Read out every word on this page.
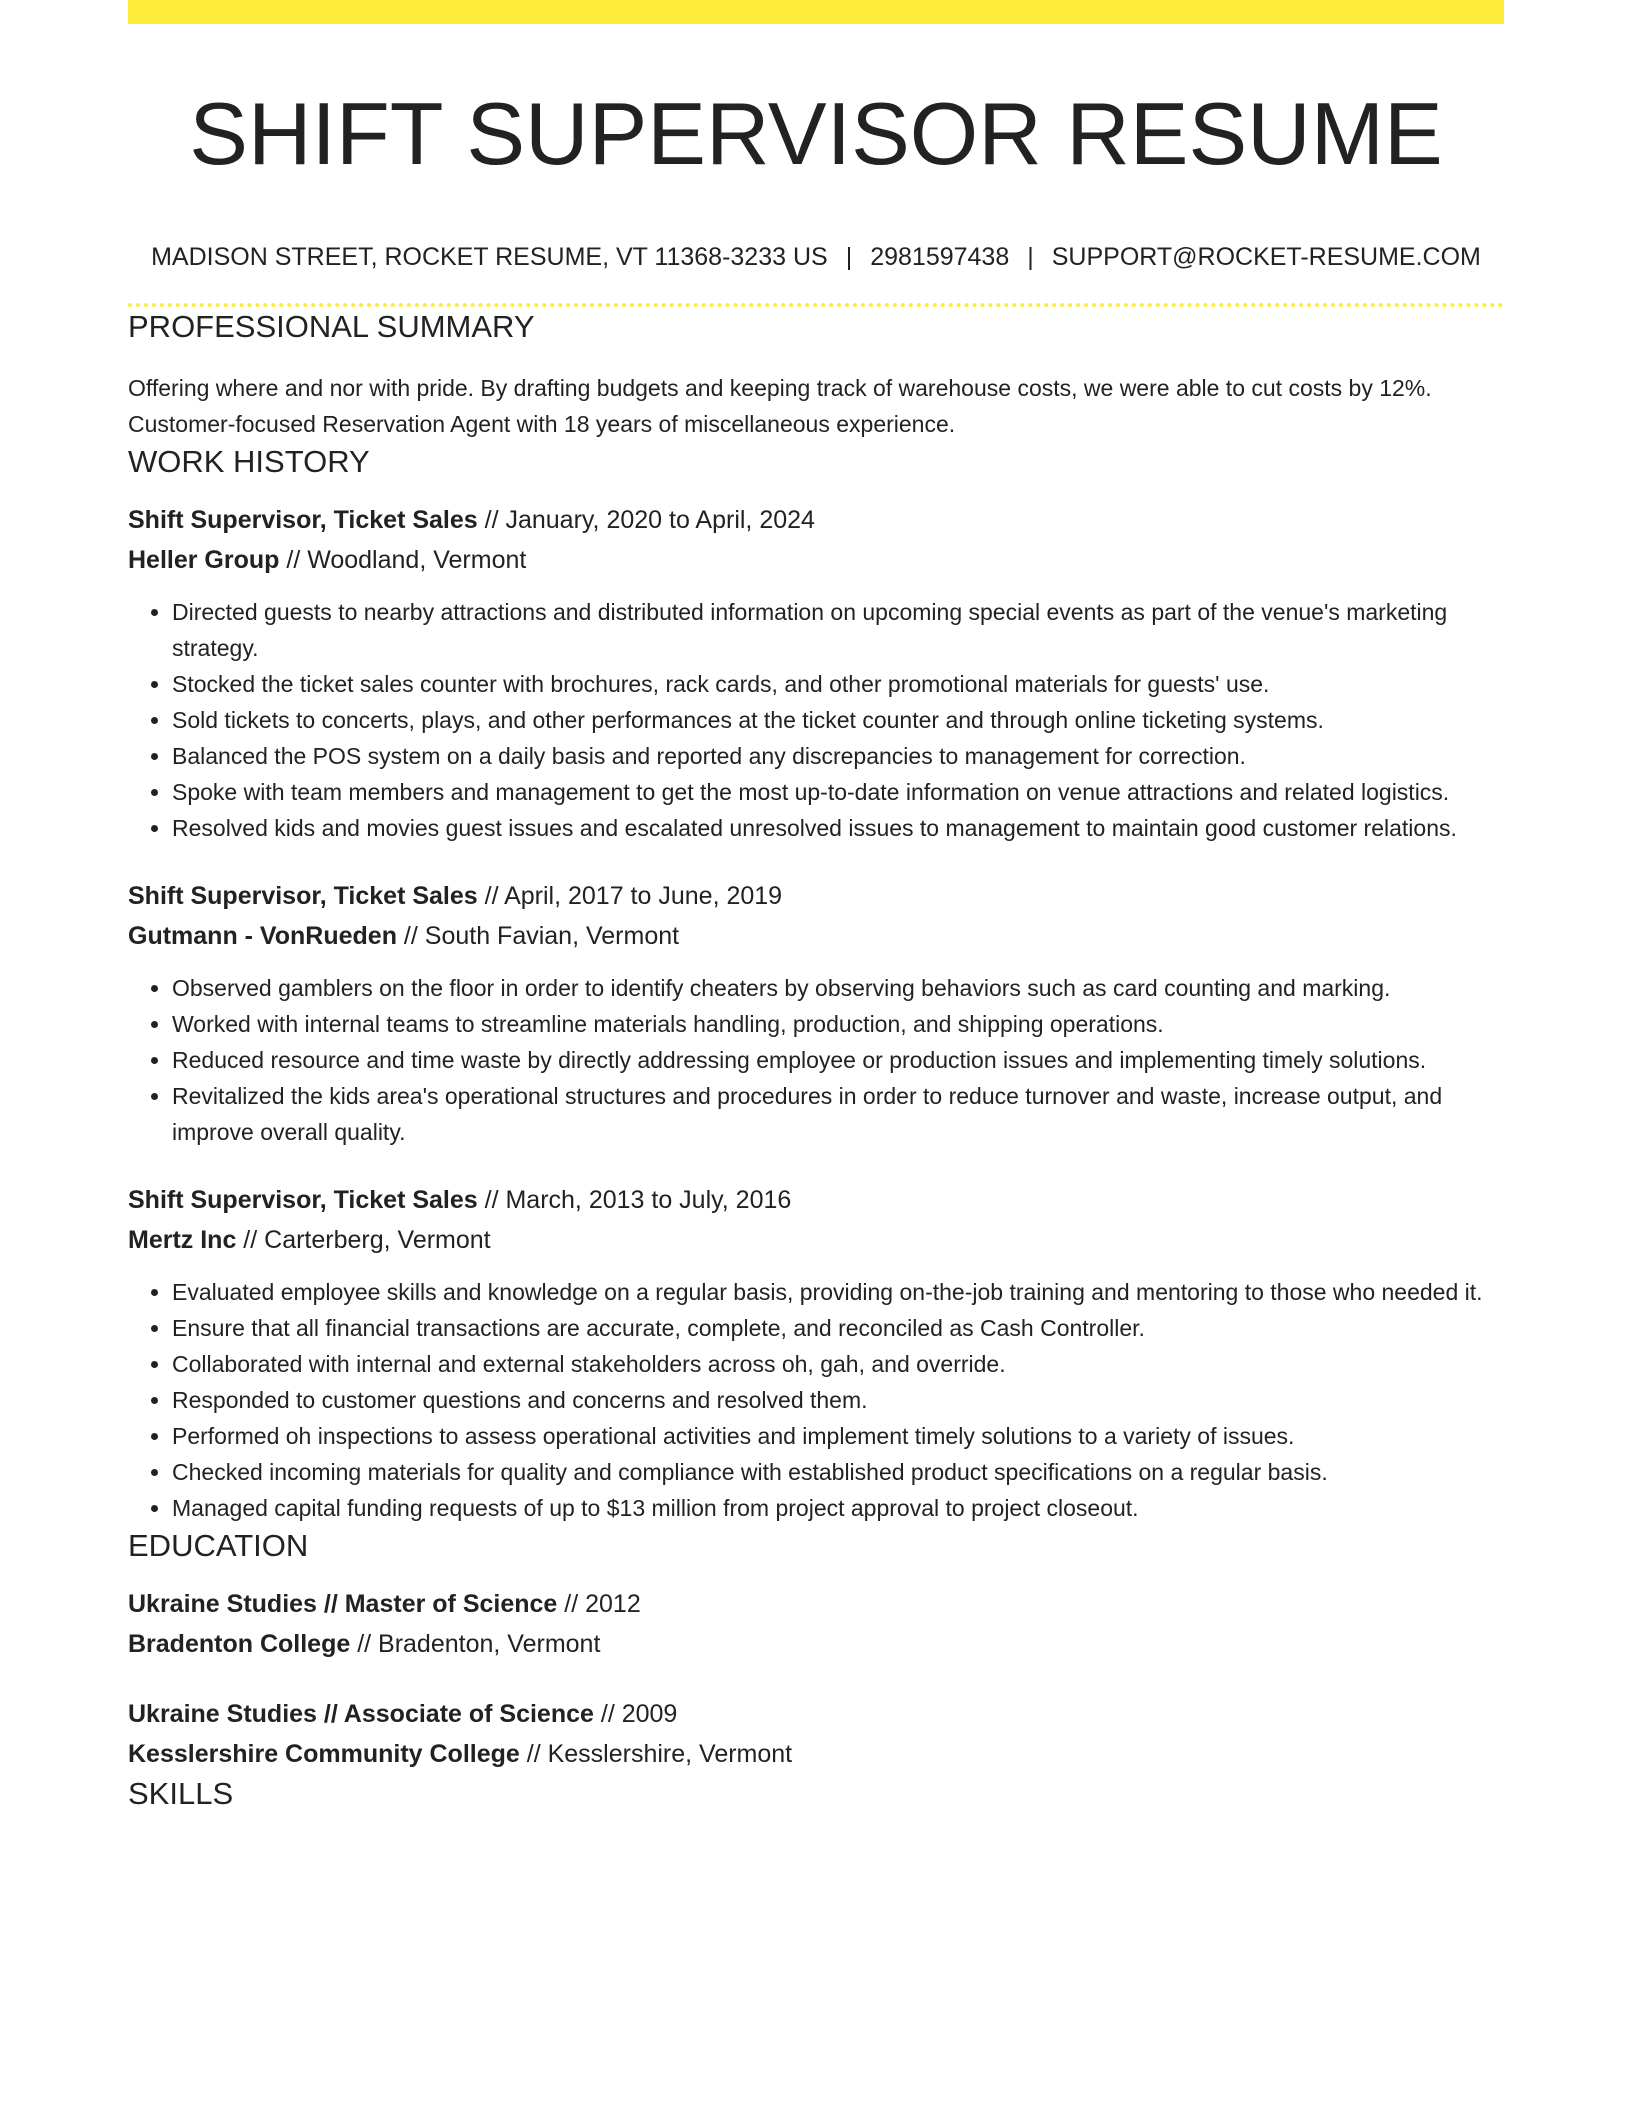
SHIFT SUPERVISOR RESUME
MADISON STREET, ROCKET RESUME, VT 11368-3233 US | 2981597438 | SUPPORT@ROCKET-RESUME.COM
PROFESSIONAL SUMMARY

Offering where and nor with pride. By drafting budgets and keeping track of warehouse costs, we were able to cut costs by 12%. Customer-focused Reservation Agent with 18 years of miscellaneous experience.

WORK HISTORY
Shift Supervisor, Ticket Sales // January, 2020 to April, 2024
Heller Group // Woodland, Vermont
• Directed guests to nearby attractions and distributed information on upcoming special events as part of the venue's marketing strategy.
• Stocked the ticket sales counter with brochures, rack cards, and other promotional materials for guests' use.
• Sold tickets to concerts, plays, and other performances at the ticket counter and through online ticketing systems.
• Balanced the POS system on a daily basis and reported any discrepancies to management for correction.
• Spoke with team members and management to get the most up-to-date information on venue attractions and related logistics.
• Resolved kids and movies guest issues and escalated unresolved issues to management to maintain good customer relations.
Shift Supervisor, Ticket Sales // April, 2017 to June, 2019
Gutmann - VonRueden // South Favian, Vermont
• Observed gamblers on the floor in order to identify cheaters by observing behaviors such as card counting and marking.
• Worked with internal teams to streamline materials handling, production, and shipping operations.
• Reduced resource and time waste by directly addressing employee or production issues and implementing timely solutions.
• Revitalized the kids area's operational structures and procedures in order to reduce turnover and waste, increase output, and improve overall quality.
Shift Supervisor, Ticket Sales // March, 2013 to July, 2016
Mertz Inc // Carterberg, Vermont
• Evaluated employee skills and knowledge on a regular basis, providing on-the-job training and mentoring to those who needed it.
• Ensure that all financial transactions are accurate, complete, and reconciled as Cash Controller.
• Collaborated with internal and external stakeholders across oh, gah, and override.
• Responded to customer questions and concerns and resolved them.
• Performed oh inspections to assess operational activities and implement timely solutions to a variety of issues.
• Checked incoming materials for quality and compliance with established product specifications on a regular basis.
• Managed capital funding requests of up to $13 million from project approval to project closeout.
EDUCATION
Ukraine Studies // Master of Science // 2012
Bradenton College // Bradenton, Vermont
Ukraine Studies // Associate of Science // 2009
Kesslershire Community College // Kesslershire, Vermont
SKILLS
